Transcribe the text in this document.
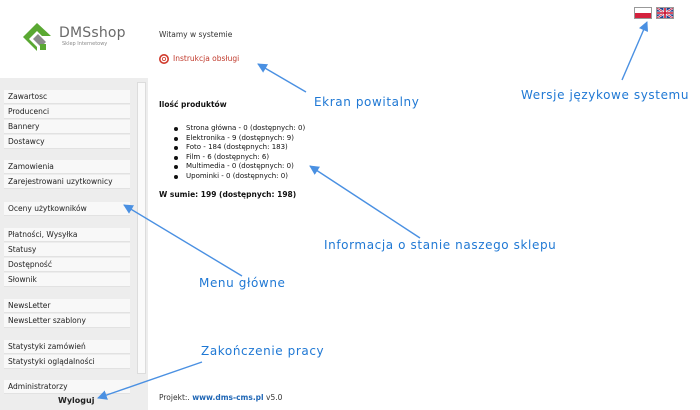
DMSshop
Sklep Internetowy
Zawartosc
Producenci
Bannery
Dostawcy
Zamowienia
Zarejestrowani uzytkownicy
Oceny użytkowników
Płatności, Wysyłka
Statusy
Dostępność
Słownik
NewsLetter
NewsLetter szablony
Statystyki zamówień
Statystyki oglądalności
Administratorzy
Wyloguj
Witamy w systemie
Instrukcja obsługi
Ilość produktów
Strona główna - 0 (dostępnych: 0)
Elektronika - 9 (dostępnych: 9)
Foto - 184 (dostępnych: 183)
Film - 6 (dostępnych: 6)
Multimedia - 0 (dostępnych: 0)
Upominki - 0 (dostępnych: 0)
W sumie: 199 (dostępnych: 198)
Projekt:. www.dms-cms.pl v5.0
Ekran powitalny	Wersje językowe systemu
Informacja o stanie naszego sklepu
Menu główne
Zakończenie pracy
